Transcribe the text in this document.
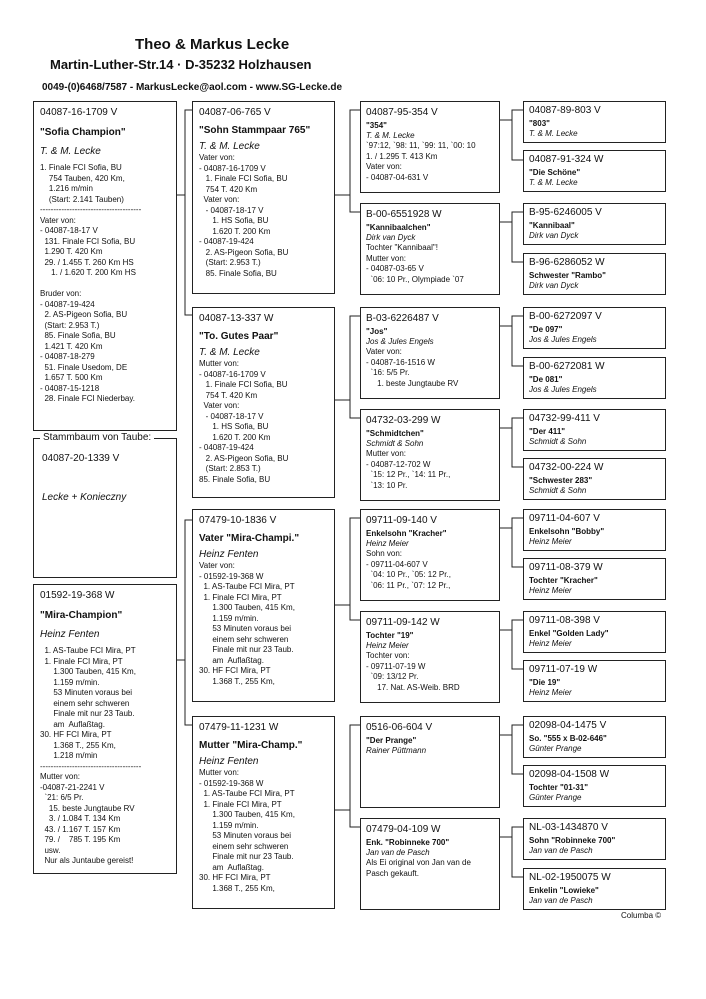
Theo & Markus Lecke
Martin-Luther-Str.14 · D-35232 Holzhausen
0049-(0)6468/7587 - MarkusLecke@aol.com - www.SG-Lecke.de
04087-16-1709 V
"Sofia Champion"
T. & M. Lecke
1. Finale FCI Sofia, BU
754 Tauben, 420 Km,
1.216 m/min
(Start: 2.141 Tauben)
--------------------------------------
Vater von:
- 04087-18-17 V
131. Finale FCI Sofia, BU
1.290 T. 420 Km
29. / 1.455 T. 260 Km HS
1. / 1.620 T. 200 Km HS

Bruder von:
- 04087-19-424
2. AS-Pigeon Sofia, BU
(Start: 2.953 T.)
85. Finale Sofia, BU
1.421 T. 420 Km
- 04087-18-279
51. Finale Usedom, DE
1.657 T. 500 Km
- 04087-15-1218
28. Finale FCI Niederbay.
Stammbaum von Taube:
04087-20-1339 V
Lecke + Konieczny
01592-19-368 W
"Mira-Champion"
Heinz Fenten
1. AS-Taube FCI Mira, PT
1. Finale FCI Mira, PT
1.300 Tauben, 415 Km,
1.159 m/min.
53 Minuten voraus bei
einem sehr schweren
Finale mit nur 23 Taub.
am  Auflaßtag.
30. HF FCI Mira, PT
1.368 T., 255 Km,
1.218 m/min
--------------------------------------
Mutter von:
-04087-21-2241 V
`21: 6/5 Pr.
15. beste Jungtaube RV
3. / 1.084 T. 134 Km
43. / 1.167 T. 157 Km
79. /    785 T. 195 Km
usw.
Nur als Juntaube gereist!
04087-06-765 V
"Sohn Stammpaar 765"
T. & M. Lecke
Vater von:
- 04087-16-1709 V
1. Finale FCI Sofia, BU
754 T. 420 Km
Vater von:
- 04087-18-17 V
1. HS Sofia, BU
1.620 T. 200 Km
- 04087-19-424
2. AS-Pigeon Sofia, BU
(Start: 2.953 T.)
85. Finale Sofia, BU
04087-13-337 W
"To. Gutes Paar"
T. & M. Lecke
Mutter von:
- 04087-16-1709 V
1. Finale FCI Sofia, BU
754 T. 420 Km
Vater von:
- 04087-18-17 V
1. HS Sofia, BU
1.620 T. 200 Km
- 04087-19-424
2. AS-Pigeon Sofia, BU
(Start: 2.853 T.)
85. Finale Sofia, BU
07479-10-1836 V
Vater "Mira-Champi."
Heinz Fenten
Vater von:
- 01592-19-368 W
1. AS-Taube FCI Mira, PT
1. Finale FCI Mira, PT
1.300 Tauben, 415 Km,
1.159 m/min.
53 Minuten voraus bei
einem sehr schweren
Finale mit nur 23 Taub.
am  Auflaßtag.
30. HF FCI Mira, PT
1.368 T., 255 Km,
07479-11-1231 W
Mutter "Mira-Champ."
Heinz Fenten
Mutter von:
- 01592-19-368 W
1. AS-Taube FCI Mira, PT
1. Finale FCI Mira, PT
1.300 Tauben, 415 Km,
1.159 m/min.
53 Minuten voraus bei
einem sehr schweren
Finale mit nur 23 Taub.
am  Auflaßtag.
30. HF FCI Mira, PT
1.368 T., 255 Km,
04087-95-354 V
"354"
T. & M. Lecke
`97:12, `98: 11, `99: 11, `00: 10
1. / 1.295 T. 413 Km
Vater von:
- 04087-04-631 V
B-00-6551928 W
"Kannibaalchen"
Dirk van Dyck
Tochter "Kannibaal"!
Mutter von:
- 04087-03-65 V
`06: 10 Pr., Olympiade `07
B-03-6226487 V
"Jos"
Jos & Jules Engels
Vater von:
- 04087-16-1516 W
`16: 5/5 Pr.
1. beste Jungtaube RV
04732-03-299 W
"Schmidtchen"
Schmidt & Sohn
Mutter von:
- 04087-12-702 W
`15: 12 Pr., `14: 11 Pr.,
`13: 10 Pr.
09711-09-140 V
Enkelsohn "Kracher"
Heinz Meier
Sohn von:
- 09711-04-607 V
`04: 10 Pr., `05: 12 Pr.,
`06: 11 Pr., `07: 12 Pr.,
09711-09-142 W
Tochter "19"
Heinz Meier
Tochter von:
- 09711-07-19 W
`09: 13/12 Pr.
17. Nat. AS-Weib. BRD
0516-06-604 V
"Der Prange"
Rainer Püttmann
07479-04-109 W
Enk. "Robinneke 700"
Jan van de Pasch
Als Ei original von Jan van de
Pasch gekauft.
04087-89-803 V
"803"
T. & M. Lecke
04087-91-324 W
"Die Schöne"
T. & M. Lecke
B-95-6246005 V
"Kannibaal"
Dirk van Dyck
B-96-6286052 W
Schwester "Rambo"
Dirk van Dyck
B-00-6272097 V
"De 097"
Jos & Jules Engels
B-00-6272081 W
"De 081"
Jos & Jules Engels
04732-99-411 V
"Der 411"
Schmidt & Sohn
04732-00-224 W
"Schwester 283"
Schmidt & Sohn
09711-04-607 V
Enkelsohn "Bobby"
Heinz Meier
09711-08-379 W
Tochter "Kracher"
Heinz Meier
09711-08-398 V
Enkel "Golden Lady"
Heinz Meier
09711-07-19 W
"Die 19"
Heinz Meier
02098-04-1475 V
So. "555 x B-02-646"
Günter Prange
02098-04-1508 W
Tochter "01-31"
Günter Prange
NL-03-1434870 V
Sohn "Robinneke 700"
Jan van de Pasch
NL-02-1950075 W
Enkelin "Lowieke"
Jan van de Pasch
Columba ©
